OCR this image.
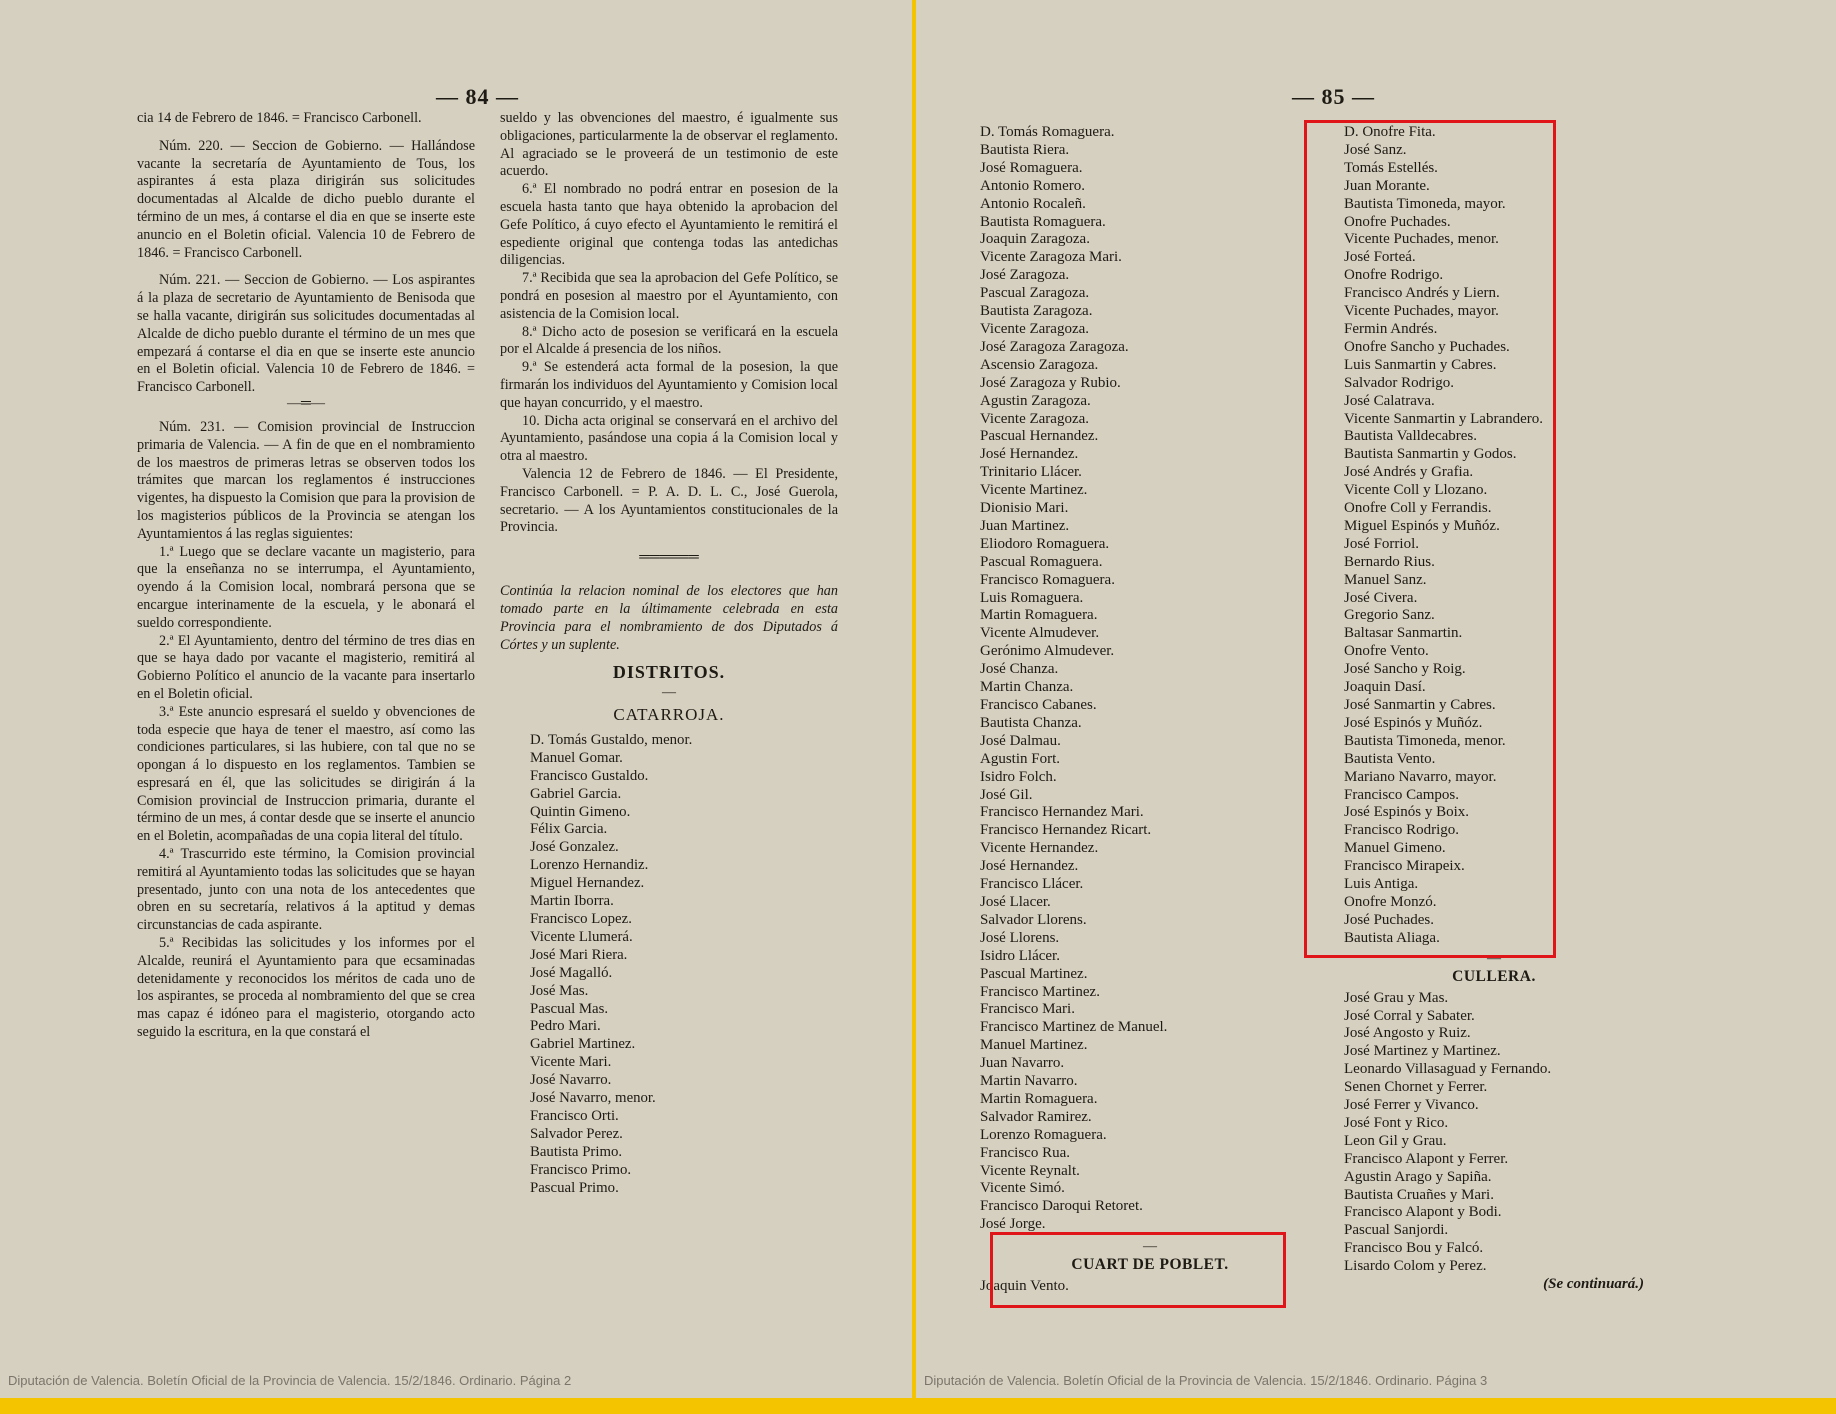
— 84 —

cia 14 de Febrero de 1846. = Francisco Carbonell.

Núm. 220. — Seccion de Gobierno. — Hallándose vacante la secretaría de Ayuntamiento de Tous, los aspirantes á esta plaza dirigirán sus solicitudes documentadas al Alcalde de dicho pueblo durante el término de un mes, á contarse el dia en que se inserte este anuncio en el Boletin oficial. Valencia 10 de Febrero de 1846. = Francisco Carbonell.

Núm. 221. — Seccion de Gobierno. — Los aspirantes á la plaza de secretario de Ayuntamiento de Benisoda que se halla vacante, dirigirán sus solicitudes documentadas al Alcalde de dicho pueblo durante el término de un mes que empezará á contarse el dia en que se inserte este anuncio en el Boletin oficial. Valencia 10 de Febrero de 1846. = Francisco Carbonell.

—═—

Núm. 231. — Comision provincial de Instruccion primaria de Valencia. — A fin de que en el nombramiento de los maestros de primeras letras se observen todos los trámites que marcan los reglamentos é instrucciones vigentes, ha dispuesto la Comision que para la provision de los magisterios públicos de la Provincia se atengan los Ayuntamientos á las reglas siguientes:

1.ª Luego que se declare vacante un magisterio, para que la enseñanza no se interrumpa, el Ayuntamiento, oyendo á la Comision local, nombrará persona que se encargue interinamente de la escuela, y le abonará el sueldo correspondiente.

2.ª El Ayuntamiento, dentro del término de tres dias en que se haya dado por vacante el magisterio, remitirá al Gobierno Político el anuncio de la vacante para insertarlo en el Boletin oficial.

3.ª Este anuncio espresará el sueldo y obvenciones de toda especie que haya de tener el maestro, así como las condiciones particulares, si las hubiere, con tal que no se opongan á lo dispuesto en los reglamentos. Tambien se espresará en él, que las solicitudes se dirigirán á la Comision provincial de Instruccion primaria, durante el término de un mes, á contar desde que se inserte el anuncio en el Boletin, acompañadas de una copia literal del título.

4.ª Trascurrido este término, la Comision provincial remitirá al Ayuntamiento todas las solicitudes que se hayan presentado, junto con una nota de los antecedentes que obren en su secretaría, relativos á la aptitud y demas circunstancias de cada aspirante.

5.ª Recibidas las solicitudes y los informes por el Alcalde, reunirá el Ayuntamiento para que ecsaminadas detenidamente y reconocidos los méritos de cada uno de los aspirantes, se proceda al nombramiento del que se crea mas capaz é idóneo para el magisterio, otorgando acto seguido la escritura, en la que constará el

sueldo y las obvenciones del maestro, é igualmente sus obligaciones, particularmente la de observar el reglamento. Al agraciado se le proveerá de un testimonio de este acuerdo.

6.ª El nombrado no podrá entrar en posesion de la escuela hasta tanto que haya obtenido la aprobacion del Gefe Político, á cuyo efecto el Ayuntamiento le remitirá el espediente original que contenga todas las antedichas diligencias.

7.ª Recibida que sea la aprobacion del Gefe Político, se pondrá en posesion al maestro por el Ayuntamiento, con asistencia de la Comision local.

8.ª Dicho acto de posesion se verificará en la escuela por el Alcalde á presencia de los niños.

9.ª Se estenderá acta formal de la posesion, la que firmarán los individuos del Ayuntamiento y Comision local que hayan concurrido, y el maestro.

10. Dicha acta original se conservará en el archivo del Ayuntamiento, pasándose una copia á la Comision local y otra al maestro.

Valencia 12 de Febrero de 1846. — El Presidente, Francisco Carbonell. = P. A. D. L. C., José Guerola, secretario. — A los Ayuntamientos constitucionales de la Provincia.

══════

Continúa la relacion nominal de los electores que han tomado parte en la últimamente celebrada en esta Provincia para el nombramiento de dos Diputados á Córtes y un suplente.

DISTRITOS.
—
CATARROJA.
D. Tomás Gustaldo, menor.
Manuel Gomar.
Francisco Gustaldo.
Gabriel Garcia.
Quintin Gimeno.
Félix Garcia.
José Gonzalez.
Lorenzo Hernandiz.
Miguel Hernandez.
Martin Iborra.
Francisco Lopez.
Vicente Llumerá.
José Mari Riera.
José Magalló.
José Mas.
Pascual Mas.
Pedro Mari.
Gabriel Martinez.
Vicente Mari.
José Navarro.
José Navarro, menor.
Francisco Orti.
Salvador Perez.
Bautista Primo.
Francisco Primo.
Pascual Primo.
Diputación de Valencia. Boletín Oficial de la Provincia de Valencia. 15/2/1846. Ordinario. Página 2
— 85 —
D. Tomás Romaguera.
Bautista Riera.
José Romaguera.
Antonio Romero.
Antonio Rocaleñ.
Bautista Romaguera.
Joaquin Zaragoza.
Vicente Zaragoza Mari.
José Zaragoza.
Pascual Zaragoza.
Bautista Zaragoza.
Vicente Zaragoza.
José Zaragoza Zaragoza.
Ascensio Zaragoza.
José Zaragoza y Rubio.
Agustin Zaragoza.
Vicente Zaragoza.
Pascual Hernandez.
José Hernandez.
Trinitario Llácer.
Vicente Martinez.
Dionisio Mari.
Juan Martinez.
Eliodoro Romaguera.
Pascual Romaguera.
Francisco Romaguera.
Luis Romaguera.
Martin Romaguera.
Vicente Almudever.
Gerónimo Almudever.
José Chanza.
Martin Chanza.
Francisco Cabanes.
Bautista Chanza.
José Dalmau.
Agustin Fort.
Isidro Folch.
José Gil.
Francisco Hernandez Mari.
Francisco Hernandez Ricart.
Vicente Hernandez.
José Hernandez.
Francisco Llácer.
José Llacer.
Salvador Llorens.
José Llorens.
Isidro Llácer.
Pascual Martinez.
Francisco Martinez.
Francisco Mari.
Francisco Martinez de Manuel.
Manuel Martinez.
Juan Navarro.
Martin Navarro.
Martin Romaguera.
Salvador Ramirez.
Lorenzo Romaguera.
Francisco Rua.
Vicente Reynalt.
Vicente Simó.
Francisco Daroqui Retoret.
José Jorge.
—
CUART DE POBLET.
Joaquin Vento.
D. Onofre Fita.
José Sanz.
Tomás Estellés.
Juan Morante.
Bautista Timoneda, mayor.
Onofre Puchades.
Vicente Puchades, menor.
José Forteá.
Onofre Rodrigo.
Francisco Andrés y Liern.
Vicente Puchades, mayor.
Fermin Andrés.
Onofre Sancho y Puchades.
Luis Sanmartin y Cabres.
Salvador Rodrigo.
José Calatrava.
Vicente Sanmartin y Labrandero.
Bautista Valldecabres.
Bautista Sanmartin y Godos.
José Andrés y Grafia.
Vicente Coll y Llozano.
Onofre Coll y Ferrandis.
Miguel Espinós y Muñóz.
José Forriol.
Bernardo Rius.
Manuel Sanz.
José Civera.
Gregorio Sanz.
Baltasar Sanmartin.
Onofre Vento.
José Sancho y Roig.
Joaquin Dasí.
José Sanmartin y Cabres.
José Espinós y Muñóz.
Bautista Timoneda, menor.
Bautista Vento.
Mariano Navarro, mayor.
Francisco Campos.
José Espinós y Boix.
Francisco Rodrigo.
Manuel Gimeno.
Francisco Mirapeix.
Luis Antiga.
Onofre Monzó.
José Puchades.
Bautista Aliaga.
—
CULLERA.
José Grau y Mas.
José Corral y Sabater.
José Angosto y Ruiz.
José Martinez y Martinez.
Leonardo Villasaguad y Fernando.
Senen Chornet y Ferrer.
José Ferrer y Vivanco.
José Font y Rico.
Leon Gil y Grau.
Francisco Alapont y Ferrer.
Agustin Arago y Sapiña.
Bautista Cruañes y Mari.
Francisco Alapont y Bodi.
Pascual Sanjordi.
Francisco Bou y Falcó.
Lisardo Colom y Perez.
(Se continuará.)
Diputación de Valencia. Boletín Oficial de la Provincia de Valencia. 15/2/1846. Ordinario. Página 3
